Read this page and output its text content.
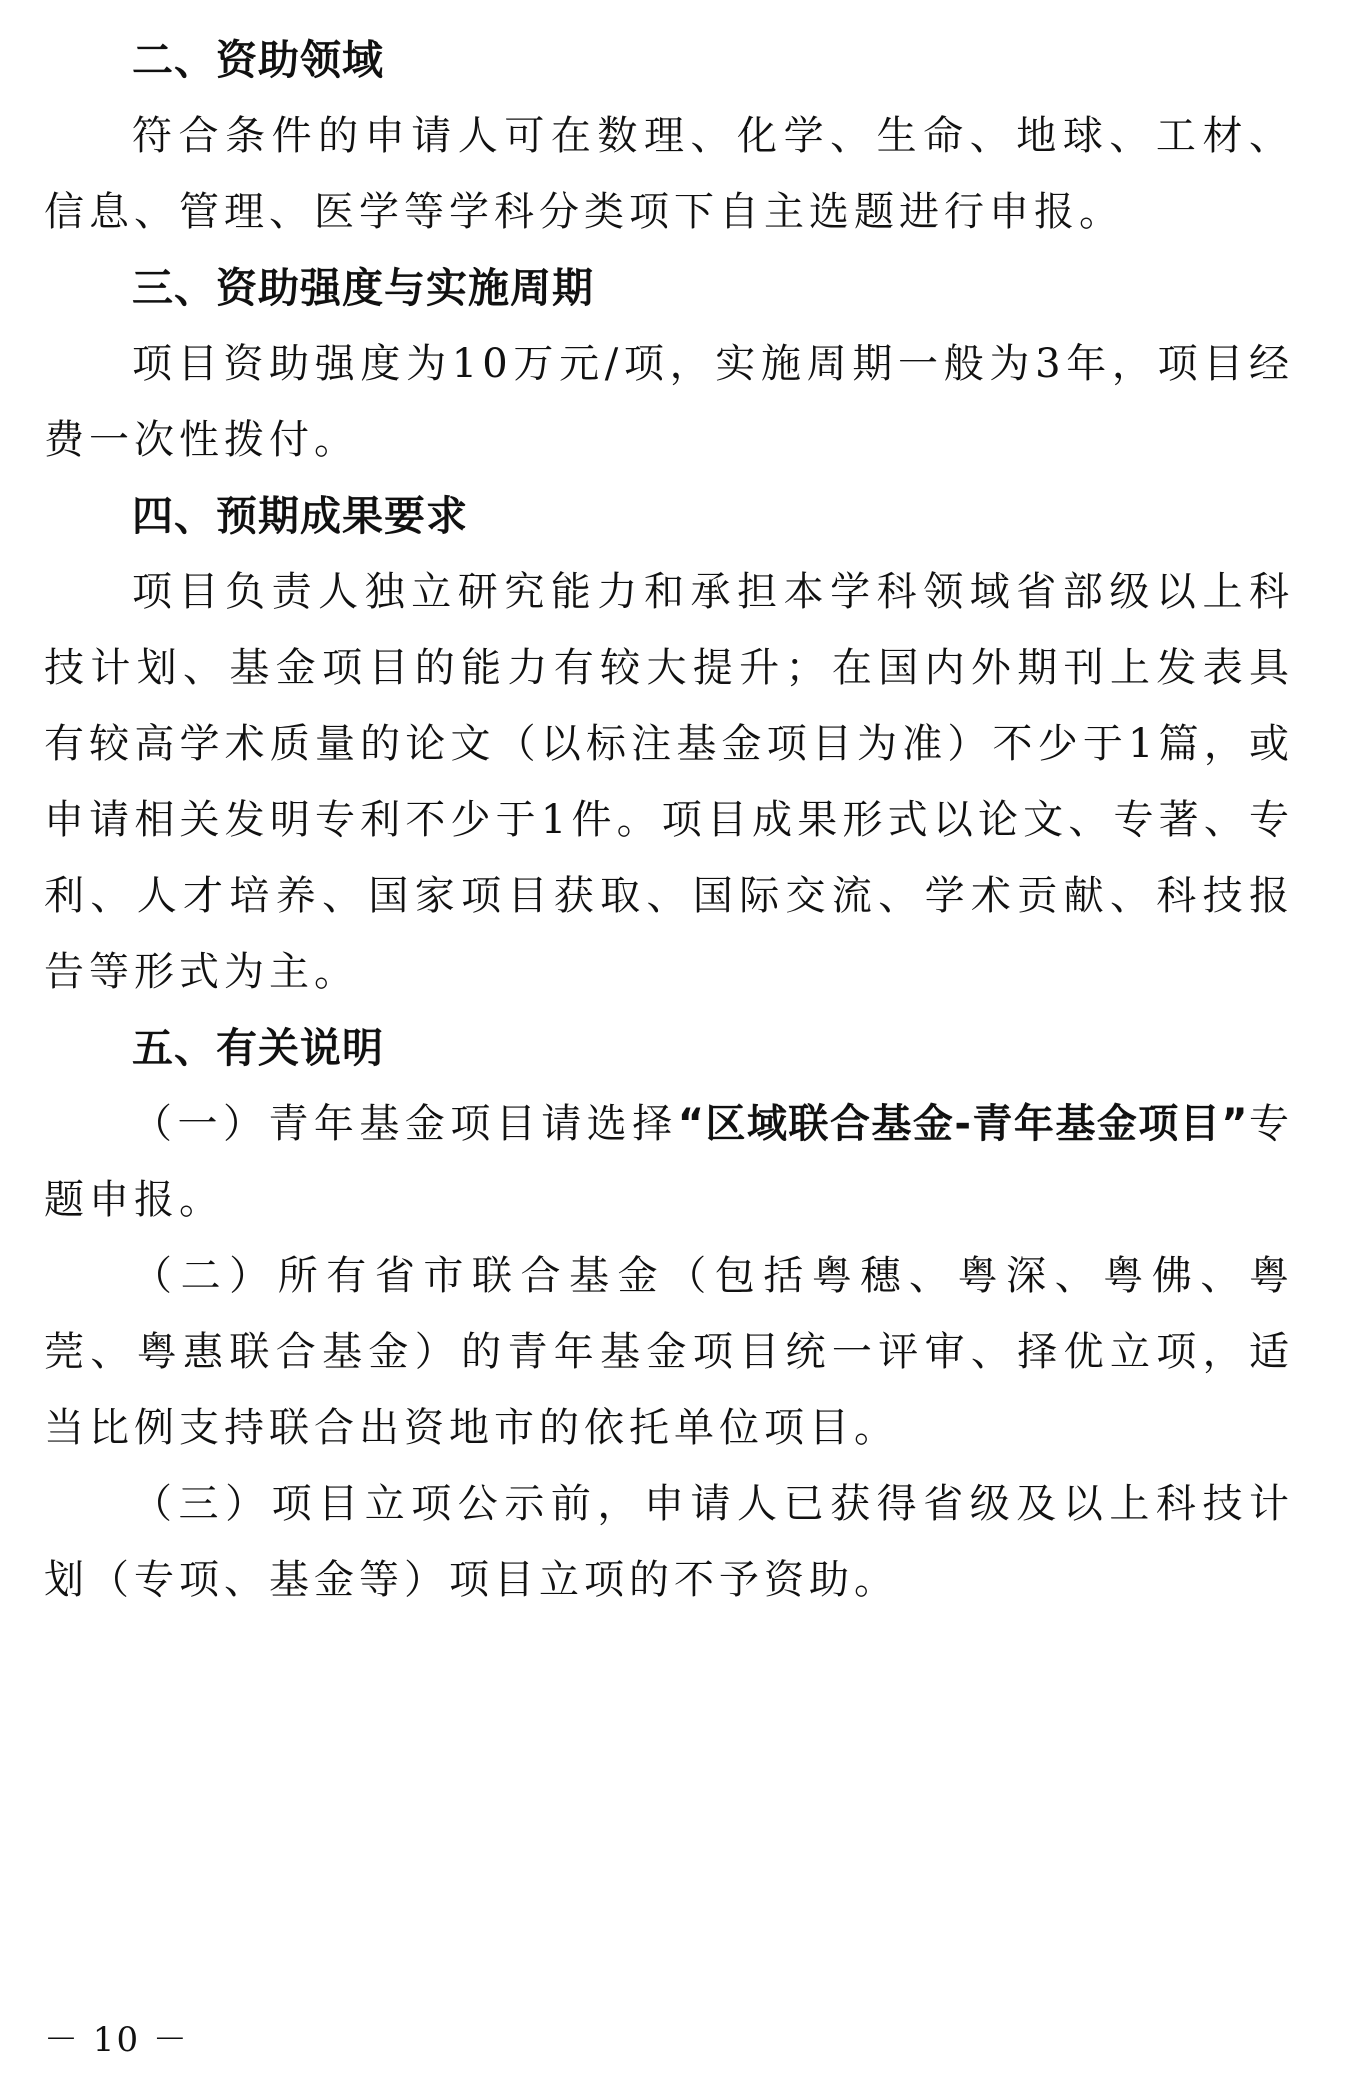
二、资助领域

符合条件的申请人可在数理、化学、生命、地球、工材、信息、管理、医学等学科分类项下自主选题进行申报。

三、资助强度与实施周期

项目资助强度为10万元/项，实施周期一般为3年，项目经费一次性拨付。

四、预期成果要求

项目负责人独立研究能力和承担本学科领域省部级以上科技计划、基金项目的能力有较大提升；在国内外期刊上发表具有较高学术质量的论文（以标注基金项目为准）不少于1篇，或申请相关发明专利不少于1件。项目成果形式以论文、专著、专利、人才培养、国家项目获取、国际交流、学术贡献、科技报告等形式为主。

五、有关说明

（一）青年基金项目请选择“区域联合基金-青年基金项目”专题申报。

（二）所有省市联合基金（包括粤穗、粤深、粤佛、粤莞、粤惠联合基金）的青年基金项目统一评审、择优立项，适当比例支持联合出资地市的依托单位项目。

（三）项目立项公示前，申请人已获得省级及以上科技计划（专项、基金等）项目立项的不予资助。

－ 10 －
